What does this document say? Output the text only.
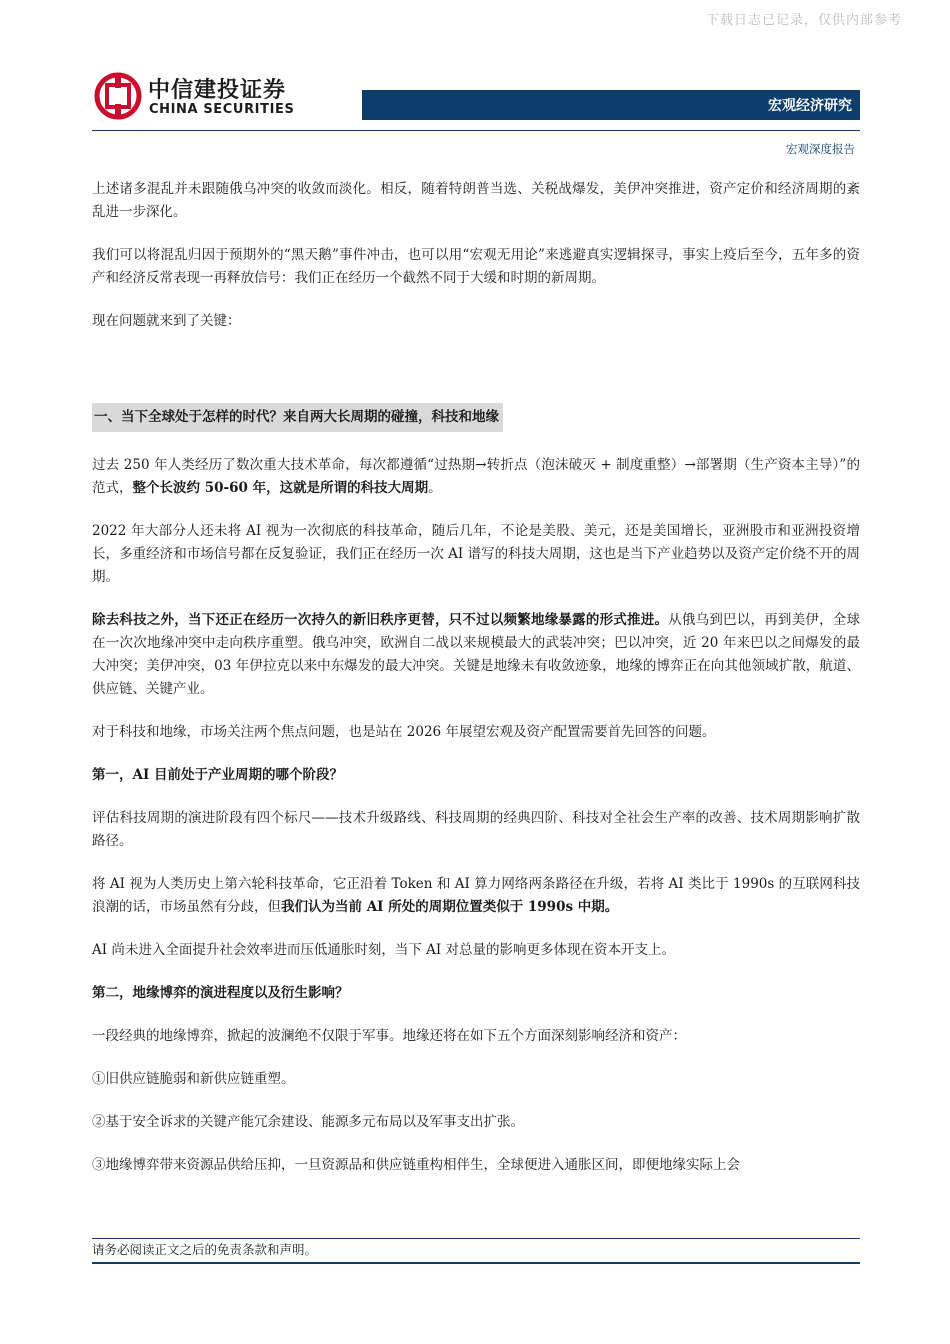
下载日志已记录，仅供内部参考
中信建投证券
CHINA SECURITIES	宏观经济研究
宏观深度报告

上述诸多混乱并未跟随俄乌冲突的收敛而淡化。相反，随着特朗普当选、关税战爆发，美伊冲突推进，资产定价和经济周期的紊乱进一步深化。

我们可以将混乱归因于预期外的“黑天鹅”事件冲击，也可以用“宏观无用论”来逃避真实逻辑探寻，事实上疫后至今，五年多的资产和经济反常表现一再释放信号：我们正在经历一个截然不同于大缓和时期的新周期。

现在问题就来到了关键：

一、当下全球处于怎样的时代？来自两大长周期的碰撞，科技和地缘

过去 250 年人类经历了数次重大技术革命，每次都遵循“过热期→转折点（泡沫破灭 + 制度重整）→部署期（生产资本主导）”的范式，整个长波约 50-60 年，这就是所谓的科技大周期。

2022 年大部分人还未将 AI 视为一次彻底的科技革命，随后几年，不论是美股、美元，还是美国增长，亚洲股市和亚洲投资增长，多重经济和市场信号都在反复验证，我们正在经历一次 AI 谱写的科技大周期，这也是当下产业趋势以及资产定价绕不开的周期。

除去科技之外，当下还正在经历一次持久的新旧秩序更替，只不过以频繁地缘暴露的形式推进。从俄乌到巴以，再到美伊，全球在一次次地缘冲突中走向秩序重塑。俄乌冲突，欧洲自二战以来规模最大的武装冲突；巴以冲突，近 20 年来巴以之间爆发的最大冲突；美伊冲突，03 年伊拉克以来中东爆发的最大冲突。关键是地缘未有收敛迹象，地缘的博弈正在向其他领域扩散，航道、供应链、关键产业。

对于科技和地缘，市场关注两个焦点问题，也是站在 2026 年展望宏观及资产配置需要首先回答的问题。

第一，AI 目前处于产业周期的哪个阶段？

评估科技周期的演进阶段有四个标尺——技术升级路线、科技周期的经典四阶、科技对全社会生产率的改善、技术周期影响扩散路径。

将 AI 视为人类历史上第六轮科技革命，它正沿着 Token 和 AI 算力网络两条路径在升级，若将 AI 类比于 1990s 的互联网科技浪潮的话，市场虽然有分歧，但我们认为当前 AI 所处的周期位置类似于 1990s 中期。

AI 尚未进入全面提升社会效率进而压低通胀时刻，当下 AI 对总量的影响更多体现在资本开支上。

第二，地缘博弈的演进程度以及衍生影响？

一段经典的地缘博弈，掀起的波澜绝不仅限于军事。地缘还将在如下五个方面深刻影响经济和资产：

①旧供应链脆弱和新供应链重塑。

②基于安全诉求的关键产能冗余建设、能源多元布局以及军事支出扩张。

③地缘博弈带来资源品供给压抑，一旦资源品和供应链重构相伴生，全球便进入通胀区间，即便地缘实际上会

请务必阅读正文之后的免责条款和声明。
